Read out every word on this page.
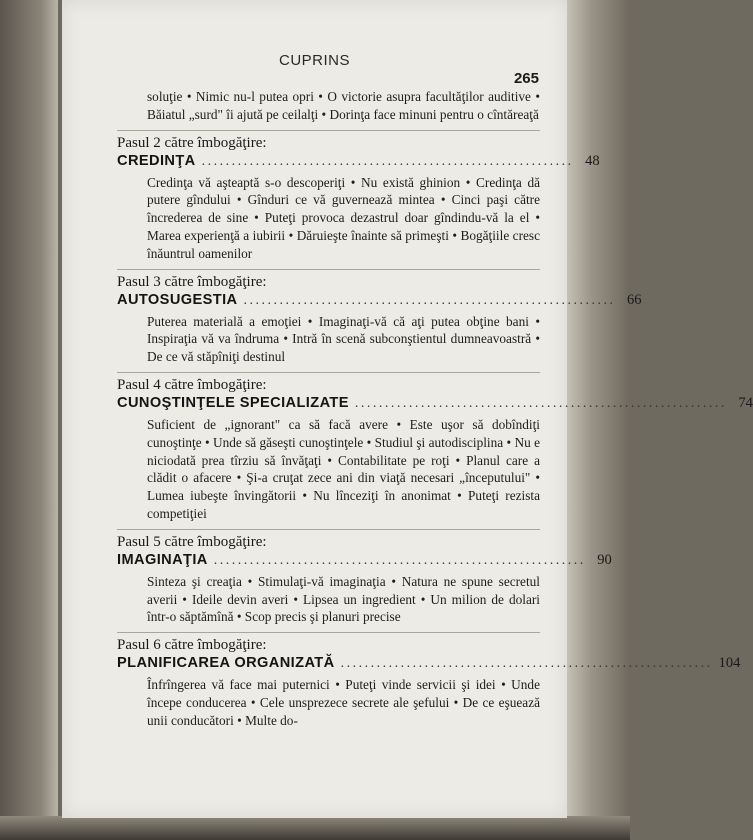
CUPRINS
265
soluţie • Nimic nu-l putea opri • O victorie asupra facultăţilor auditive • Băiatul „surd" îi ajută pe ceilalţi • Dorinţa face minuni pentru o cîntăreaţă
Pasul 2 către îmbogăţire:
CREDINŢA .............................................................. 48
Credinţa vă aşteaptă s-o descoperiţi • Nu există ghinion • Credinţa dă putere gîndului • Gînduri ce vă guvernează mintea • Cinci paşi către încrederea de sine • Puteţi provoca dezastrul doar gîndindu-vă la el • Marea experienţă a iubirii • Dăruieşte înainte să primeşti • Bogăţiile cresc înăuntrul oamenilor
Pasul 3 către îmbogăţire:
AUTOSUGESTIA .............................................................. 66
Puterea materială a emoţiei • Imaginaţi-vă că aţi putea obţine bani • Inspiraţia vă va îndruma • Intră în scenă subconştientul dumneavoastră • De ce vă stăpîniţi destinul
Pasul 4 către îmbogăţire:
CUNOŞTINŢELE SPECIALIZATE .............................................................. 74
Suficient de „ignorant" ca să facă avere • Este uşor să dobîndiţi cunoştinţe • Unde să găseşti cunoştinţele • Studiul şi autodisciplina • Nu e niciodată prea tîrziu să învăţaţi • Contabilitate pe roţi • Planul care a clădit o afacere • Şi-a cruţat zece ani din viaţă necesari „începutului" • Lumea iubeşte învingătorii • Nu lînceziţi în anonimat • Puteţi rezista competiţiei
Pasul 5 către îmbogăţire:
IMAGINAŢIA .............................................................. 90
Sinteza şi creaţia • Stimulaţi-vă imaginaţia • Natura ne spune secretul averii • Ideile devin averi • Lipsea un ingredient • Un milion de dolari într-o săptămînă • Scop precis şi planuri precise
Pasul 6 către îmbogăţire:
PLANIFICAREA ORGANIZATĂ .............................................................. 104
Înfrîngerea vă face mai puternici • Puteţi vinde servicii şi idei • Unde începe conducerea • Cele unsprezece secrete ale şefului • De ce eşuează unii conducători • Multe do-
